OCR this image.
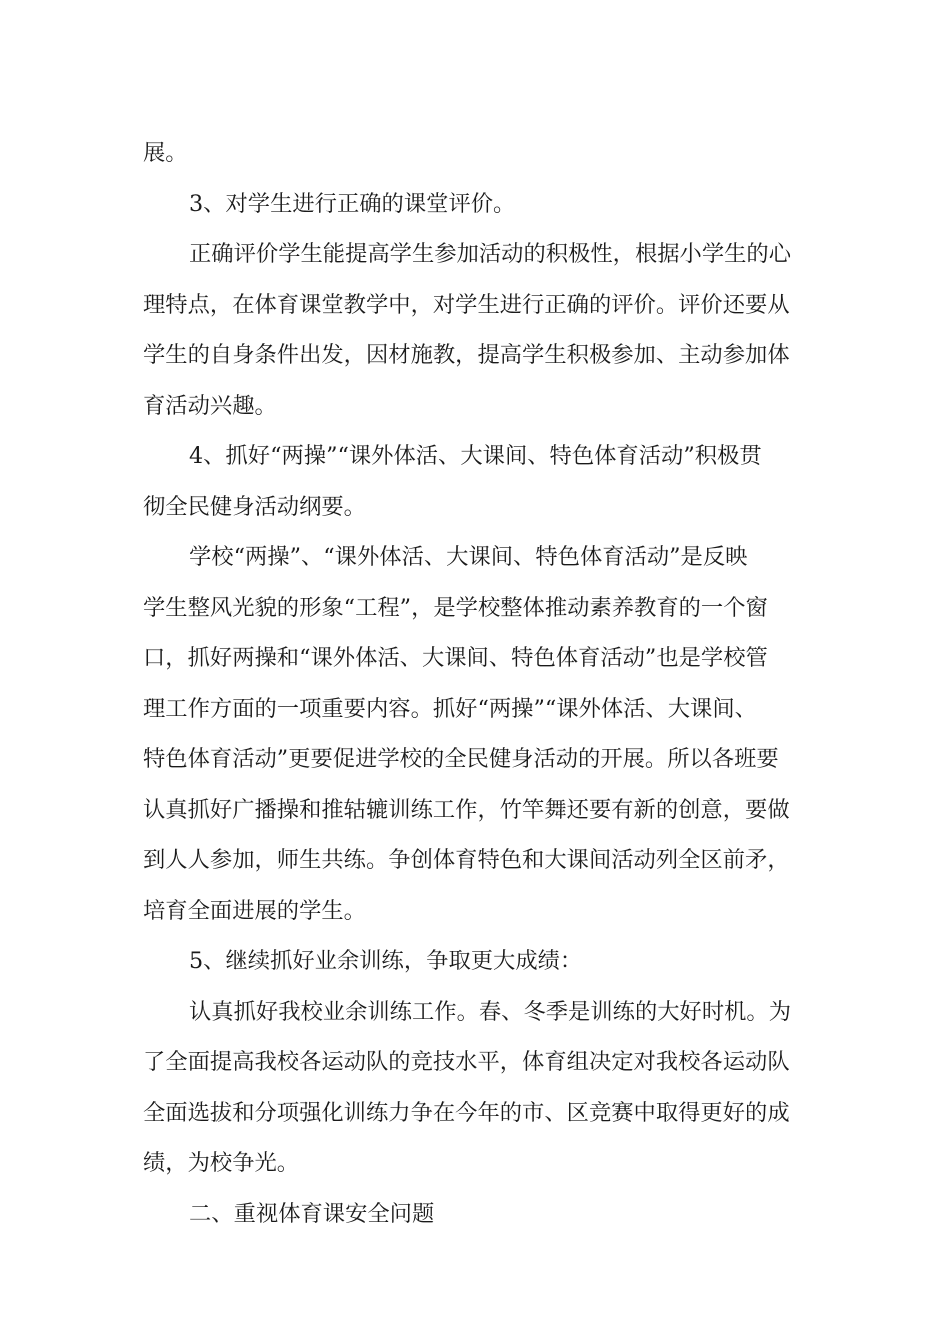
展。
3、对学生进行正确的课堂评价。
正确评价学生能提高学生参加活动的积极性，根据小学生的心
理特点，在体育课堂教学中，对学生进行正确的评价。评价还要从
学生的自身条件出发，因材施教，提高学生积极参加、主动参加体
育活动兴趣。
4、抓好“两操”“课外体活、大课间、特色体育活动”积极贯
彻全民健身活动纲要。
学校“两操”、“课外体活、大课间、特色体育活动”是反映
学生整风光貌的形象“工程”，是学校整体推动素养教育的一个窗
口，抓好两操和“课外体活、大课间、特色体育活动”也是学校管
理工作方面的一项重要内容。抓好“两操”“课外体活、大课间、
特色体育活动”更要促进学校的全民健身活动的开展。所以各班要
认真抓好广播操和推轱辘训练工作，竹竿舞还要有新的创意，要做
到人人参加，师生共练。争创体育特色和大课间活动列全区前矛，
培育全面进展的学生。
5、继续抓好业余训练，争取更大成绩：
认真抓好我校业余训练工作。春、冬季是训练的大好时机。为
了全面提高我校各运动队的竞技水平，体育组决定对我校各运动队
全面选拔和分项强化训练力争在今年的市、区竞赛中取得更好的成
绩，为校争光。
二、重视体育课安全问题
